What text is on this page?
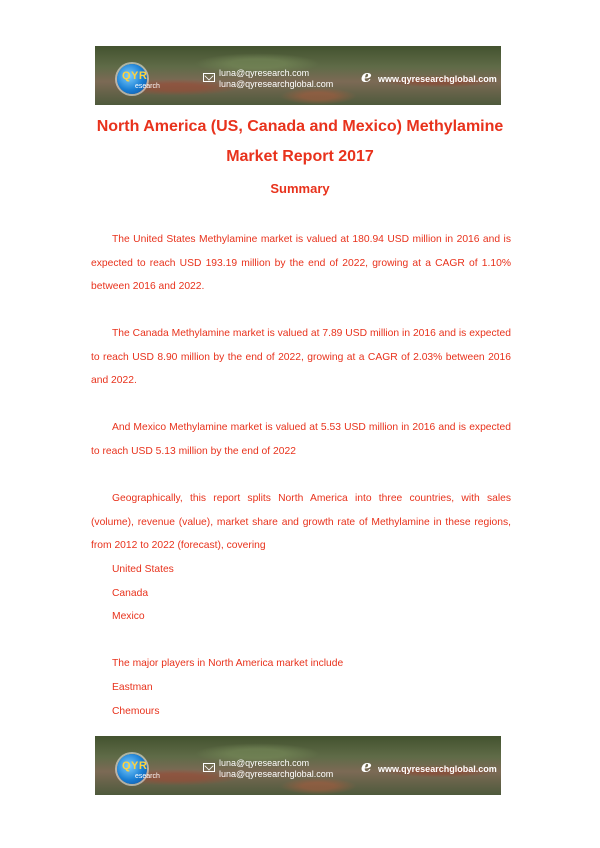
QYR
esearch
luna@qyresearch.com
luna@qyresearchglobal.com e www.qyresearchglobal.com
North America (US, Canada and Mexico) Methylamine
Market Report 2017
Summary

The United States Methylamine market is valued at 180.94 USD million in 2016 and is expected to reach USD 193.19 million by the end of 2022, growing at a CAGR of 1.10% between 2016 and 2022.

The Canada Methylamine market is valued at 7.89 USD million in 2016 and is expected to reach USD 8.90 million by the end of 2022, growing at a CAGR of 2.03% between 2016 and 2022.

And Mexico Methylamine market is valued at 5.53 USD million in 2016 and is expected to reach USD 5.13 million by the end of 2022

Geographically, this report splits North America into three countries, with sales (volume), revenue (value), market share and growth rate of Methylamine in these regions, from 2012 to 2022 (forecast), covering

United States
Canada
Mexico
The major players in North America market include
Eastman
Chemours
QYR
esearch
luna@qyresearch.com
luna@qyresearchglobal.com e www.qyresearchglobal.com
